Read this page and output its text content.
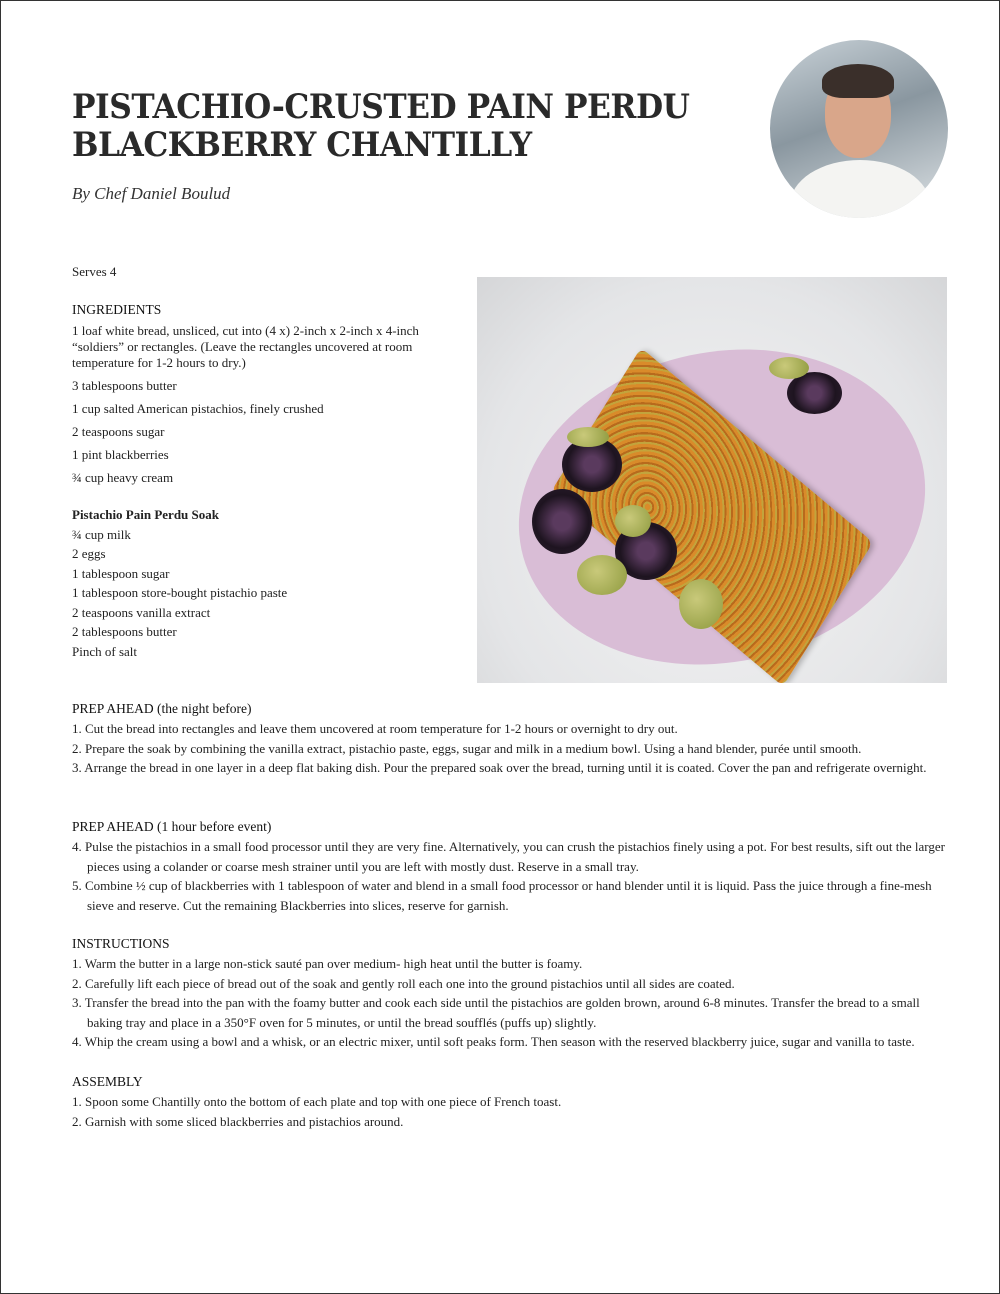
PISTACHIO-CRUSTED PAIN PERDU
BLACKBERRY CHANTILLY
By Chef Daniel Boulud
Serves 4
INGREDIENTS
1 loaf white bread, unsliced, cut into (4 x) 2-inch x 2-inch x 4-inch “soldiers” or rectangles. (Leave the rectangles uncovered at room temperature for 1-2 hours to dry.)
3 tablespoons butter
1 cup salted American pistachios, finely crushed
2 teaspoons sugar
1 pint blackberries
¾ cup heavy cream
Pistachio Pain Perdu Soak
¾ cup milk
2 eggs
1 tablespoon sugar
1 tablespoon store-bought pistachio paste
2 teaspoons vanilla extract
2 tablespoons butter
Pinch of salt
PREP AHEAD (the night before)
1. Cut the bread into rectangles and leave them uncovered at room temperature for 1-2 hours or overnight to dry out.
2. Prepare the soak by combining the vanilla extract, pistachio paste, eggs, sugar and milk in a medium bowl. Using a hand blender, purée until smooth.
3. Arrange the bread in one layer in a deep flat baking dish. Pour the prepared soak over the bread, turning until it is coated. Cover the pan and refrigerate overnight.
PREP AHEAD (1 hour before event)
4. Pulse the pistachios in a small food processor until they are very fine. Alternatively, you can crush the pistachios finely using a pot. For best results, sift out the larger pieces using a colander or coarse mesh strainer until you are left with mostly dust. Reserve in a small tray.
5. Combine ½ cup of blackberries with 1 tablespoon of water and blend in a small food processor or hand blender until it is liquid. Pass the juice through a fine-mesh sieve and reserve. Cut the remaining Blackberries into slices, reserve for garnish.
INSTRUCTIONS
1. Warm the butter in a large non-stick sauté pan over medium- high heat until the butter is foamy.
2. Carefully lift each piece of bread out of the soak and gently roll each one into the ground pistachios until all sides are coated.
3. Transfer the bread into the pan with the foamy butter and cook each side until the pistachios are golden brown, around 6-8 minutes. Transfer the bread to a small baking tray and place in a 350°F oven for 5 minutes, or until the bread soufflés (puffs up) slightly.
4. Whip the cream using a bowl and a whisk, or an electric mixer, until soft peaks form. Then season with the reserved blackberry juice, sugar and vanilla to taste.
ASSEMBLY
1. Spoon some Chantilly onto the bottom of each plate and top with one piece of French toast.
2. Garnish with some sliced blackberries and pistachios around.
